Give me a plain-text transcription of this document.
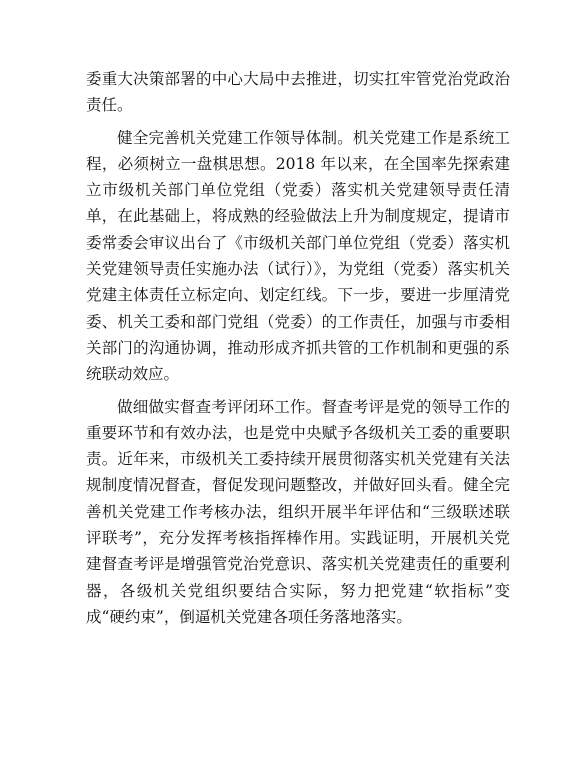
委重大决策部署的中心大局中去推进，切实扛牢管党治党政治责任。

健全完善机关党建工作领导体制。机关党建工作是系统工程，必须树立一盘棋思想。2018 年以来，在全国率先探索建立市级机关部门单位党组（党委）落实机关党建领导责任清单，在此基础上，将成熟的经验做法上升为制度规定，提请市委常委会审议出台了《市级机关部门单位党组（党委）落实机关党建领导责任实施办法（试行）》，为党组（党委）落实机关党建主体责任立标定向、划定红线。下一步，要进一步厘清党委、机关工委和部门党组（党委）的工作责任，加强与市委相关部门的沟通协调，推动形成齐抓共管的工作机制和更强的系统联动效应。

做细做实督查考评闭环工作。督查考评是党的领导工作的重要环节和有效办法，也是党中央赋予各级机关工委的重要职责。近年来，市级机关工委持续开展贯彻落实机关党建有关法规制度情况督查，督促发现问题整改，并做好回头看。健全完善机关党建工作考核办法，组织开展半年评估和“三级联述联评联考”，充分发挥考核指挥棒作用。实践证明，开展机关党建督查考评是增强管党治党意识、落实机关党建责任的重要利器，各级机关党组织要结合实际，努力把党建“软指标”变成“硬约束”，倒逼机关党建各项任务落地落实。
